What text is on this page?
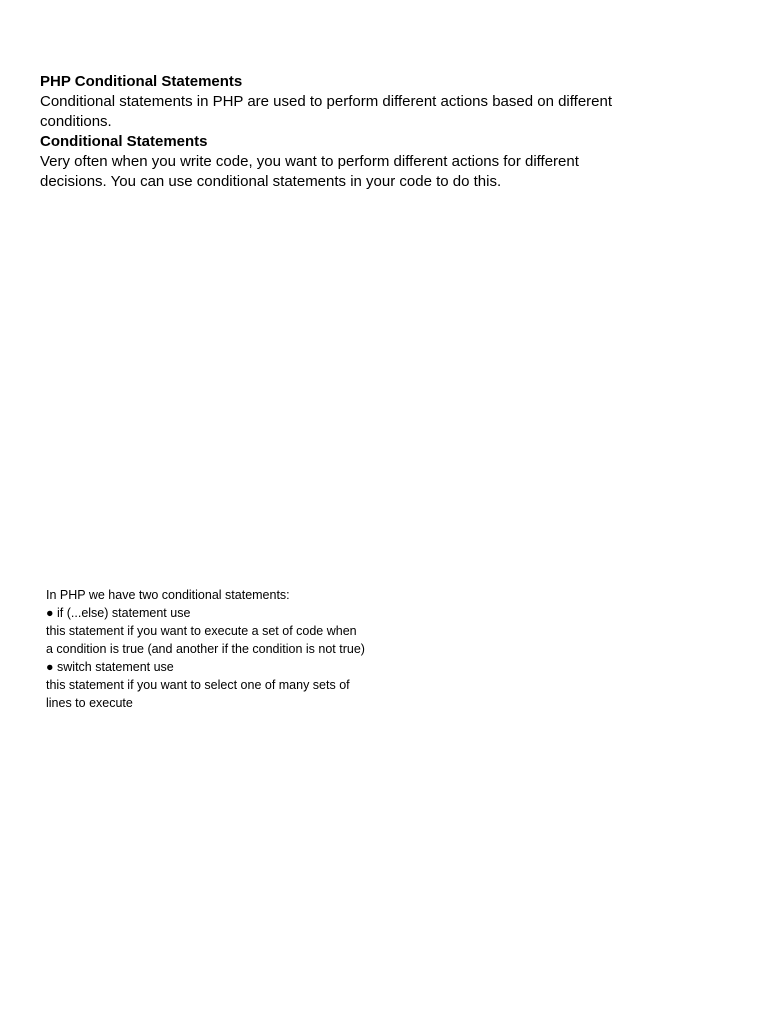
PHP Conditional Statements

Conditional statements in PHP are used to perform different actions based on different

conditions.

Conditional Statements

Very often when you write code, you want to perform different actions for different

decisions. You can use conditional statements in your code to do this.

In PHP we have two conditional statements:

● if (...else) statement use

this statement if you want to execute a set of code when

a condition is true (and another if the condition is not true)

● switch statement use

this statement if you want to select one of many sets of

lines to execute
